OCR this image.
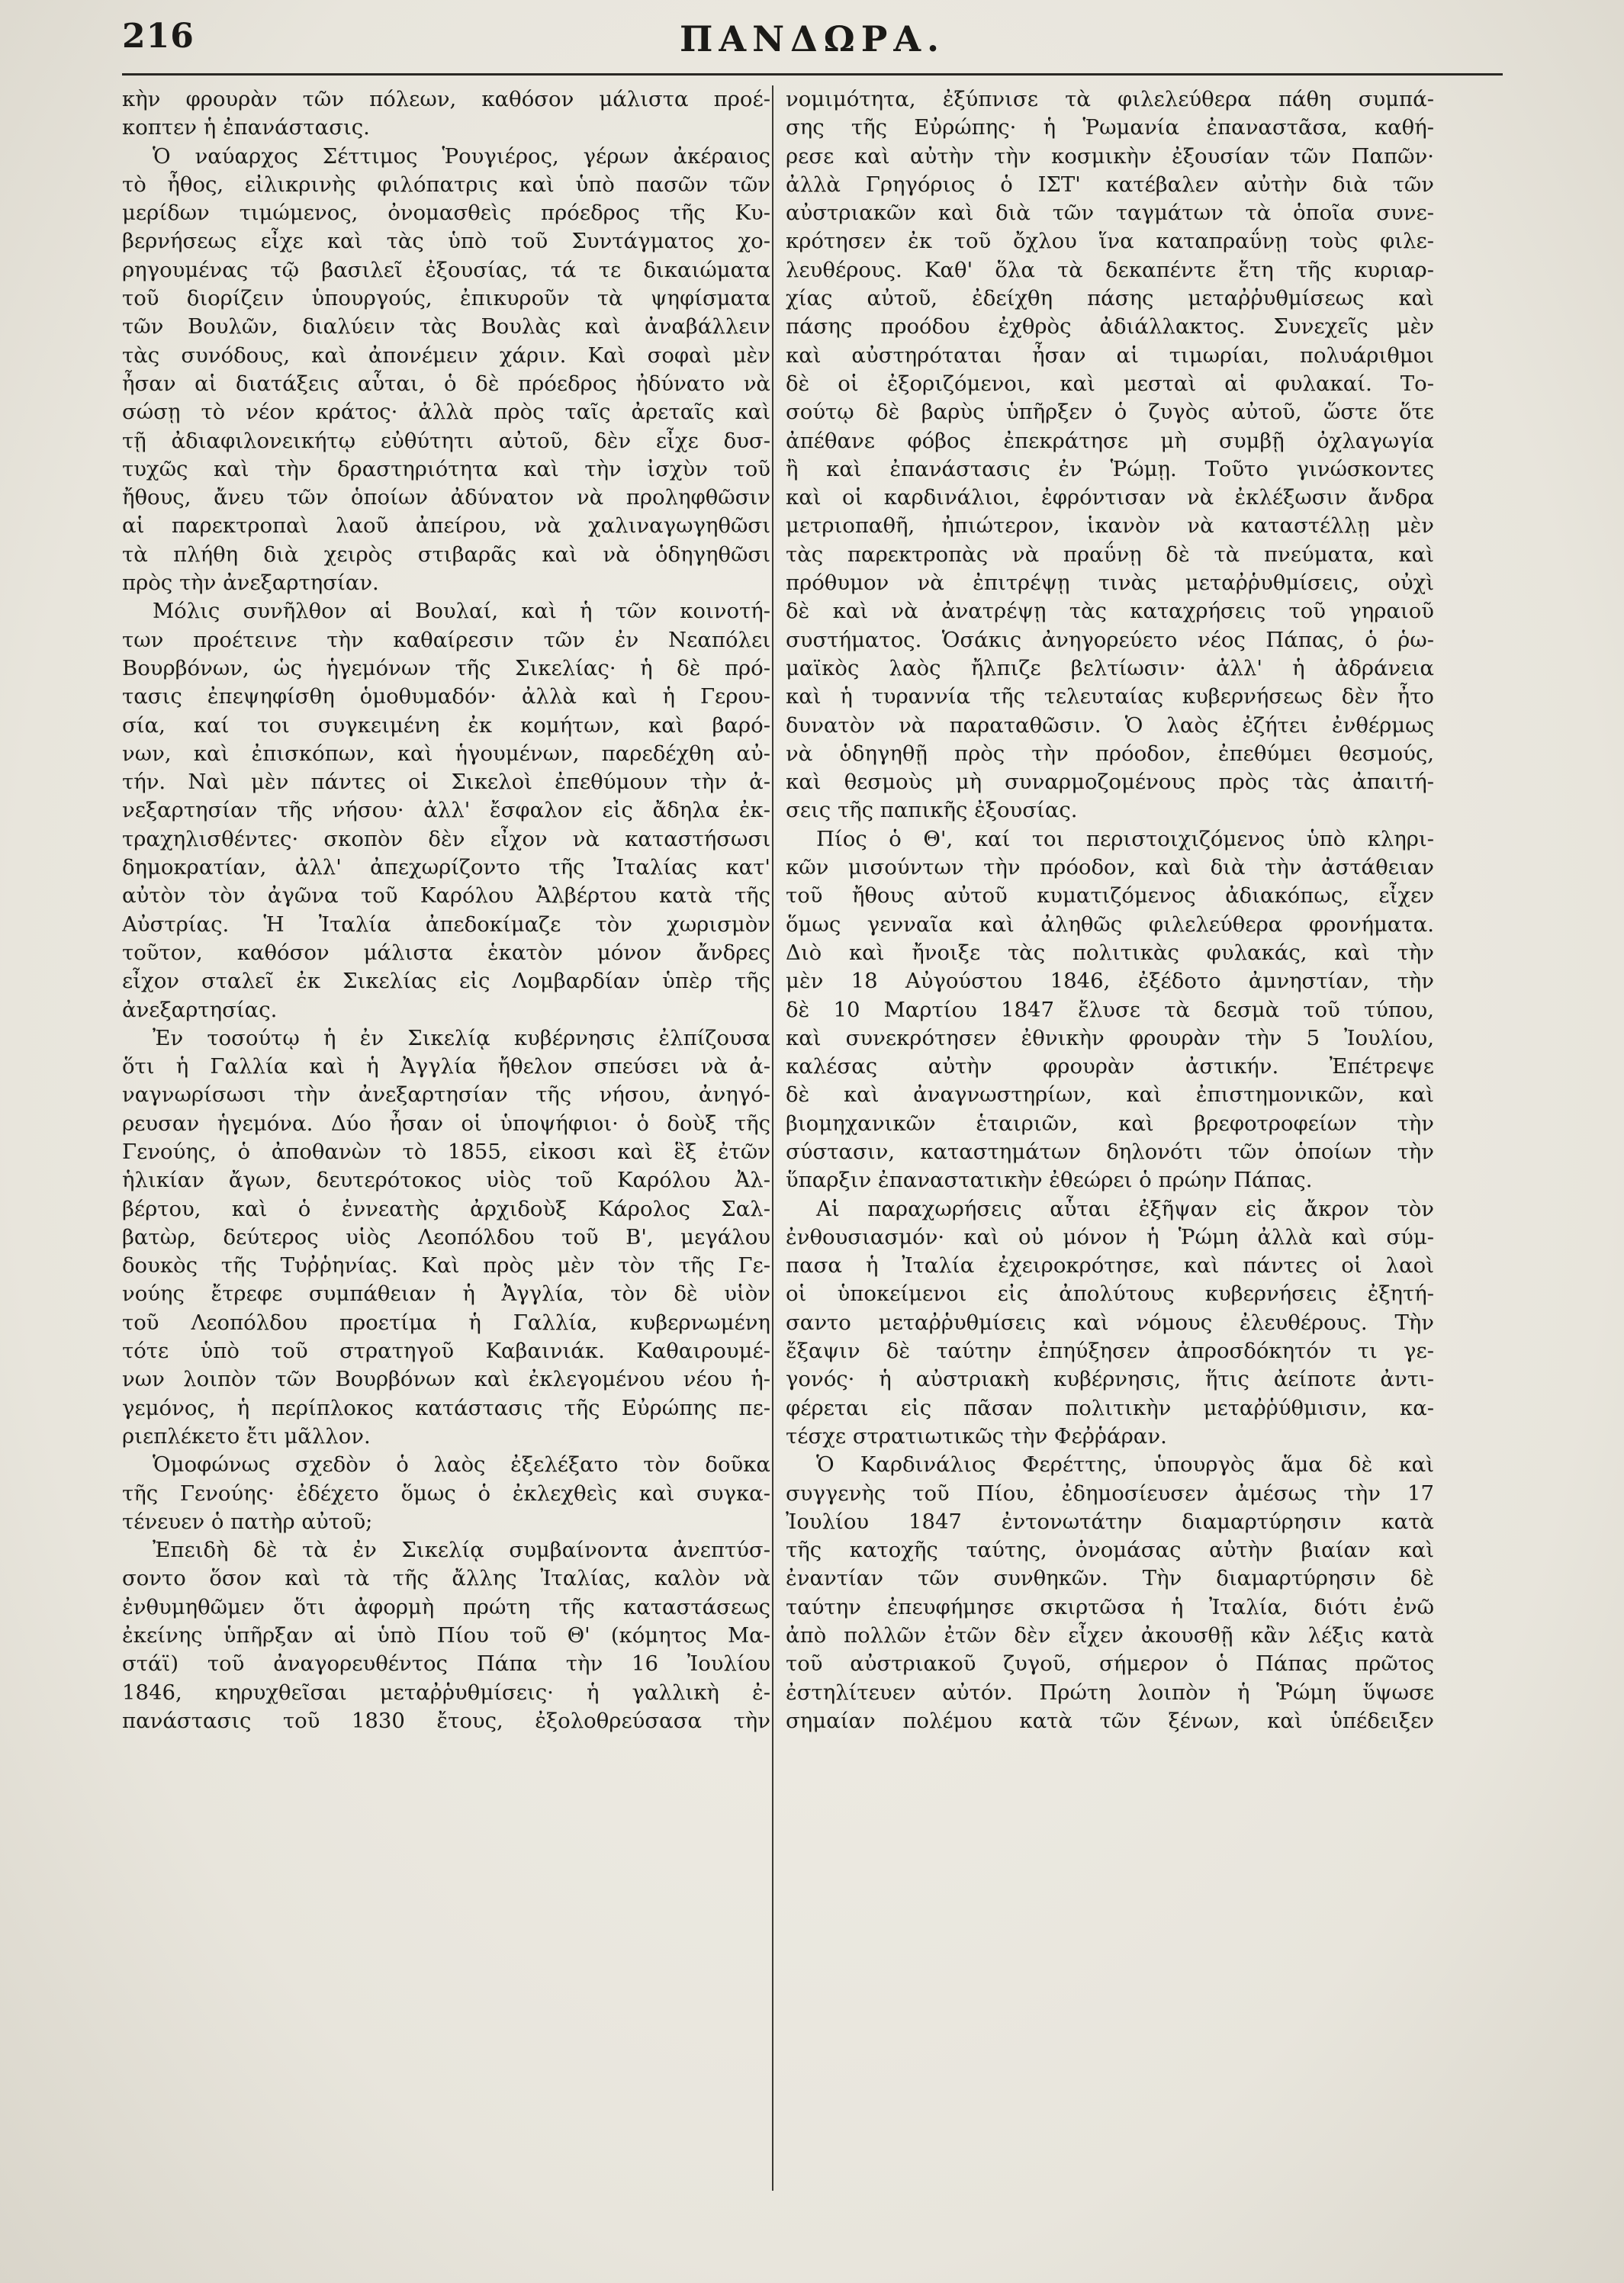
216	ΠΑΝΔΩΡΑ.
κὴν φρουρὰν τῶν πόλεων, καθόσον μάλιστα προέ-
κοπτεν ἡ ἐπανάστασις.
Ὁ ναύαρχος Σέττιμος Ῥουγιέρος, γέρων ἀκέραιος
τὸ ἦθος, εἰλικρινὴς φιλόπατρις καὶ ὑπὸ πασῶν τῶν
μερίδων τιμώμενος, ὀνομασθεὶς πρόεδρος τῆς Κυ-
βερνήσεως εἶχε καὶ τὰς ὑπὸ τοῦ Συντάγματος χο-
ρηγουμένας τῷ βασιλεῖ ἐξουσίας, τά τε δικαιώματα
τοῦ διορίζειν ὑπουργούς, ἐπικυροῦν τὰ ψηφίσματα
τῶν Βουλῶν, διαλύειν τὰς Βουλὰς καὶ ἀναβάλλειν
τὰς συνόδους, καὶ ἀπονέμειν χάριν. Καὶ σοφαὶ μὲν
ἦσαν αἱ διατάξεις αὗται, ὁ δὲ πρόεδρος ἠδύνατο νὰ
σώσῃ τὸ νέον κράτος· ἀλλὰ πρὸς ταῖς ἀρεταῖς καὶ
τῇ ἀδιαφιλονεικήτῳ εὐθύτητι αὐτοῦ, δὲν εἶχε δυσ-
τυχῶς καὶ τὴν δραστηριότητα καὶ τὴν ἰσχὺν τοῦ
ἤθους, ἄνευ τῶν ὁποίων ἀδύνατον νὰ προληφθῶσιν
αἱ παρεκτροπαὶ λαοῦ ἀπείρου, νὰ χαλιναγωγηθῶσι
τὰ πλήθη διὰ χειρὸς στιβαρᾶς καὶ νὰ ὁδηγηθῶσι
πρὸς τὴν ἀνεξαρτησίαν.
Μόλις συνῆλθον αἱ Βουλαί, καὶ ἡ τῶν κοινοτή-
των προέτεινε τὴν καθαίρεσιν τῶν ἐν Νεαπόλει
Βουρβόνων, ὡς ἡγεμόνων τῆς Σικελίας· ἡ δὲ πρό-
τασις ἐπεψηφίσθη ὁμοθυμαδόν· ἀλλὰ καὶ ἡ Γερου-
σία, καί τοι συγκειμένη ἐκ κομήτων, καὶ βαρό-
νων, καὶ ἐπισκόπων, καὶ ἡγουμένων, παρεδέχθη αὐ-
τήν. Ναὶ μὲν πάντες οἱ Σικελοὶ ἐπεθύμουν τὴν ἀ-
νεξαρτησίαν τῆς νήσου· ἀλλ' ἔσφαλον εἰς ἄδηλα ἐκ-
τραχηλισθέντες· σκοπὸν δὲν εἶχον νὰ καταστήσωσι
δημοκρατίαν, ἀλλ' ἀπεχωρίζοντο τῆς Ἰταλίας κατ'
αὐτὸν τὸν ἀγῶνα τοῦ Καρόλου Ἀλβέρτου κατὰ τῆς
Αὐστρίας. Ἡ Ἰταλία ἀπεδοκίμαζε τὸν χωρισμὸν
τοῦτον, καθόσον μάλιστα ἑκατὸν μόνον ἄνδρες
εἶχον σταλεῖ ἐκ Σικελίας εἰς Λομβαρδίαν ὑπὲρ τῆς
ἀνεξαρτησίας.
Ἐν τοσούτῳ ἡ ἐν Σικελίᾳ κυβέρνησις ἐλπίζουσα
ὅτι ἡ Γαλλία καὶ ἡ Ἀγγλία ἤθελον σπεύσει νὰ ἀ-
ναγνωρίσωσι τὴν ἀνεξαρτησίαν τῆς νήσου, ἀνηγό-
ρευσαν ἡγεμόνα. Δύο ἦσαν οἱ ὑποψήφιοι· ὁ δοὺξ τῆς
Γενούης, ὁ ἀποθανὼν τὸ 1855, εἰκοσι καὶ ἓξ ἐτῶν
ἡλικίαν ἄγων, δευτερότοκος υἱὸς τοῦ Καρόλου Ἀλ-
βέρτου, καὶ ὁ ἐννεατὴς ἀρχιδοὺξ Κάρολος Σαλ-
βατὼρ, δεύτερος υἱὸς Λεοπόλδου τοῦ Β', μεγάλου
δουκὸς τῆς Τυῤῥηνίας. Καὶ πρὸς μὲν τὸν τῆς Γε-
νούης ἔτρεφε συμπάθειαν ἡ Ἀγγλία, τὸν δὲ υἱὸν
τοῦ Λεοπόλδου προετίμα ἡ Γαλλία, κυβερνωμένη
τότε ὑπὸ τοῦ στρατηγοῦ Καβαινιάκ. Καθαιρουμέ-
νων λοιπὸν τῶν Βουρβόνων καὶ ἐκλεγομένου νέου ἡ-
γεμόνος, ἡ περίπλοκος κατάστασις τῆς Εὐρώπης πε-
ριεπλέκετο ἔτι μᾶλλον.
Ὁμοφώνως σχεδὸν ὁ λαὸς ἐξελέξατο τὸν δοῦκα
τῆς Γενούης· ἐδέχετο ὅμως ὁ ἐκλεχθεὶς καὶ συγκα-
τένευεν ὁ πατὴρ αὐτοῦ;
Ἐπειδὴ δὲ τὰ ἐν Σικελίᾳ συμβαίνοντα ἀνεπτύσ-
σοντο ὅσον καὶ τὰ τῆς ἄλλης Ἰταλίας, καλὸν νὰ
ἐνθυμηθῶμεν ὅτι ἀφορμὴ πρώτη τῆς καταστάσεως
ἐκείνης ὑπῆρξαν αἱ ὑπὸ Πίου τοῦ Θ' (κόμητος Μα-
στάϊ) τοῦ ἀναγορευθέντος Πάπα τὴν 16 Ἰουλίου
1846, κηρυχθεῖσαι μεταῤῥυθμίσεις· ἡ γαλλικὴ ἐ-
πανάστασις τοῦ 1830 ἔτους, ἐξολοθρεύσασα τὴν
νομιμότητα, ἐξύπνισε τὰ φιλελεύθερα πάθη συμπά-
σης τῆς Εὐρώπης· ἡ Ῥωμανία ἐπαναστᾶσα, καθή-
ρεσε καὶ αὐτὴν τὴν κοσμικὴν ἐξουσίαν τῶν Παπῶν·
ἀλλὰ Γρηγόριος ὁ ΙΣΤ' κατέβαλεν αὐτὴν διὰ τῶν
αὐστριακῶν καὶ διὰ τῶν ταγμάτων τὰ ὁποῖα συνε-
κρότησεν ἐκ τοῦ ὄχλου ἵνα καταπραΰνῃ τοὺς φιλε-
λευθέρους. Καθ' ὅλα τὰ δεκαπέντε ἔτη τῆς κυριαρ-
χίας αὐτοῦ, ἐδείχθη πάσης μεταῤῥυθμίσεως καὶ
πάσης προόδου ἐχθρὸς ἀδιάλλακτος. Συνεχεῖς μὲν
καὶ αὐστηρόταται ἦσαν αἱ τιμωρίαι, πολυάριθμοι
δὲ οἱ ἐξοριζόμενοι, καὶ μεσταὶ αἱ φυλακαί. Το-
σούτῳ δὲ βαρὺς ὑπῆρξεν ὁ ζυγὸς αὐτοῦ, ὥστε ὅτε
ἀπέθανε φόβος ἐπεκράτησε μὴ συμβῇ ὀχλαγωγία
ἢ καὶ ἐπανάστασις ἐν Ῥώμῃ. Τοῦτο γινώσκοντες
καὶ οἱ καρδινάλιοι, ἐφρόντισαν νὰ ἐκλέξωσιν ἄνδρα
μετριοπαθῆ, ἠπιώτερον, ἱκανὸν νὰ καταστέλλῃ μὲν
τὰς παρεκτροπὰς νὰ πραΰνῃ δὲ τὰ πνεύματα, καὶ
πρόθυμον νὰ ἐπιτρέψῃ τινὰς μεταῤῥυθμίσεις, οὐχὶ
δὲ καὶ νὰ ἀνατρέψῃ τὰς καταχρήσεις τοῦ γηραιοῦ
συστήματος. Ὁσάκις ἀνηγορεύετο νέος Πάπας, ὁ ῥω-
μαϊκὸς λαὸς ἤλπιζε βελτίωσιν· ἀλλ' ἡ ἀδράνεια
καὶ ἡ τυραννία τῆς τελευταίας κυβερνήσεως δὲν ἦτο
δυνατὸν νὰ παραταθῶσιν. Ὁ λαὸς ἐζήτει ἐνθέρμως
νὰ ὁδηγηθῇ πρὸς τὴν πρόοδον, ἐπεθύμει θεσμούς,
καὶ θεσμοὺς μὴ συναρμοζομένους πρὸς τὰς ἀπαιτή-
σεις τῆς παπικῆς ἐξουσίας.
Πίος ὁ Θ', καί τοι περιστοιχιζόμενος ὑπὸ κληρι-
κῶν μισούντων τὴν πρόοδον, καὶ διὰ τὴν ἀστάθειαν
τοῦ ἤθους αὐτοῦ κυματιζόμενος ἀδιακόπως, εἶχεν
ὅμως γενναῖα καὶ ἀληθῶς φιλελεύθερα φρονήματα.
Διὸ καὶ ἤνοιξε τὰς πολιτικὰς φυλακάς, καὶ τὴν
μὲν 18 Αὐγούστου 1846, ἐξέδοτο ἀμνηστίαν, τὴν
δὲ 10 Μαρτίου 1847 ἔλυσε τὰ δεσμὰ τοῦ τύπου,
καὶ συνεκρότησεν ἐθνικὴν φρουρὰν τὴν 5 Ἰουλίου,
καλέσας αὐτὴν φρουρὰν ἀστικήν. Ἐπέτρεψε
δὲ καὶ ἀναγνωστηρίων, καὶ ἐπιστημονικῶν, καὶ
βιομηχανικῶν ἑταιριῶν, καὶ βρεφοτροφείων τὴν
σύστασιν, καταστημάτων δηλονότι τῶν ὁποίων τὴν
ὕπαρξιν ἐπαναστατικὴν ἐθεώρει ὁ πρώην Πάπας.
Αἱ παραχωρήσεις αὗται ἐξῆψαν εἰς ἄκρον τὸν
ἐνθουσιασμόν· καὶ οὐ μόνον ἡ Ῥώμη ἀλλὰ καὶ σύμ-
πασα ἡ Ἰταλία ἐχειροκρότησε, καὶ πάντες οἱ λαοὶ
οἱ ὑποκείμενοι εἰς ἀπολύτους κυβερνήσεις ἐξητή-
σαντο μεταῤῥυθμίσεις καὶ νόμους ἐλευθέρους. Τὴν
ἔξαψιν δὲ ταύτην ἐπηύξησεν ἀπροσδόκητόν τι γε-
γονός· ἡ αὐστριακὴ κυβέρνησις, ἥτις ἀείποτε ἀντι-
φέρεται εἰς πᾶσαν πολιτικὴν μεταῤῥύθμισιν, κα-
τέσχε στρατιωτικῶς τὴν Φεῤῥάραν.
Ὁ Καρδινάλιος Φερέττης, ὑπουργὸς ἅμα δὲ καὶ
συγγενὴς τοῦ Πίου, ἐδημοσίευσεν ἀμέσως τὴν 17
Ἰουλίου 1847 ἐντονωτάτην διαμαρτύρησιν κατὰ
τῆς κατοχῆς ταύτης, ὀνομάσας αὐτὴν βιαίαν καὶ
ἐναντίαν τῶν συνθηκῶν. Τὴν διαμαρτύρησιν δὲ
ταύτην ἐπευφήμησε σκιρτῶσα ἡ Ἰταλία, διότι ἐνῶ
ἀπὸ πολλῶν ἐτῶν δὲν εἶχεν ἀκουσθῇ κἂν λέξις κατὰ
τοῦ αὐστριακοῦ ζυγοῦ, σήμερον ὁ Πάπας πρῶτος
ἐστηλίτευεν αὐτόν. Πρώτη λοιπὸν ἡ Ῥώμη ὕψωσε
σημαίαν πολέμου κατὰ τῶν ξένων, καὶ ὑπέδειξεν
